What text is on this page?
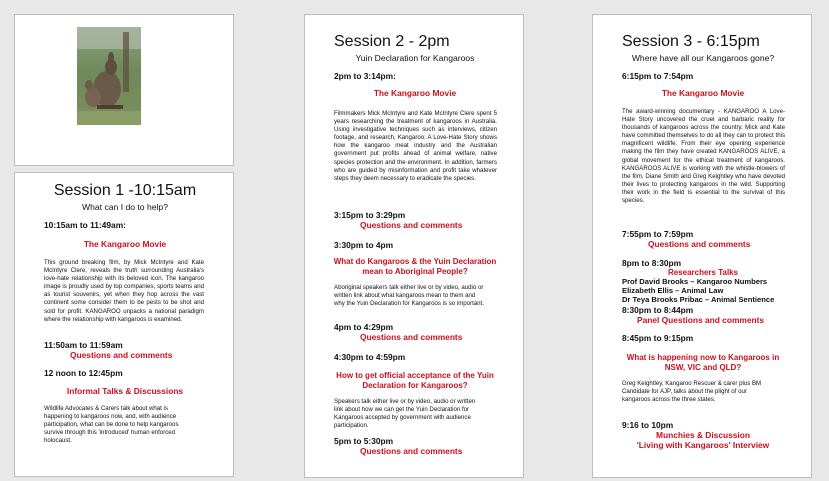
Session 1 -10:15am
What can I do to help?
10:15am to 11:49am:
The Kangaroo Movie
This ground breaking film, by Mick McIntyre and Kate McIntyre Clere, reveals the truth surrounding Australia's love-hate relationship with its beloved icon. The kangaroo image is proudly used by top companies, sports teams and as tourist souvenirs, yet when they hop across the vast continent some consider them to be pests to be shot and sold for profit. KANGAROO unpacks a national paradigm where the relationship with kangaroos is examined.
11:50am to 11:59am
Questions and comments
12 noon to 12:45pm
Informal Talks & Discussions
Wildlife Advocates & Carers talk about what is happening to kangaroos now, and, with audience participation, what can be done to help kangaroos survive through this 'introduced' human enforced holocaust.
Session 2 - 2pm
Yuin Declaration for Kangaroos
2pm to 3:14pm:
The Kangaroo Movie
Filmmakers Mick McIntyre and Kate McIntyre Clere spent 5 years researching the treatment of kangaroos in Australia. Using investigative techniques such as interviews, citizen footage, and research, Kangaroo: A Love-Hate Story shows how the kangaroo meat industry and the Australian government put profits ahead of animal welfare, native species protection and the environment. In addition, farmers who are guided by misinformation and profit take whatever steps they deem necessary to eradicate the species.
3:15pm to 3:29pm
Questions and comments
3:30pm to 4pm
What do Kangaroos & the Yuin Declaration mean to Aboriginal People?
Aboriginal speakers talk either live or by video, audio or written link about what kangaroos mean to them and why the Yuin Declaration for Kangaroos is so important.
4pm to 4:29pm
Questions and comments
4:30pm to 4:59pm
How to get official acceptance of the Yuin Declaration for Kangaroos?
Speakers talk either live or by video, audio or written link about how we can get the Yuin Declaration for Kangaroos accepted by government with audience participation.
5pm to 5:30pm
Questions and comments
Session 3 - 6:15pm
Where have all our Kangaroos gone?
6:15pm to 7:54pm
The Kangaroo Movie
The award-winning documentary - KANGAROO A Love-Hate Story uncovered the cruel and barbaric reality for thousands of kangaroos across the country. Mick and Kate have committed themselves to do all they can to protect this magnificent wildlife. From their eye opening experience making the film they have created KANGAROOS ALIVE, a global movement for the ethical treatment of kangaroos. KANGAROOS ALIVE is working with the whistle-blowers of the film, Diane Smith and Greg Keightley who have devoted their lives to protecting kangaroos in the wild. Supporting their work in the field is essential to the survival of this species.
7:55pm to 7:59pm
Questions and comments
8pm to 8:30pm
Researchers Talks
Prof David Brooks – Kangaroo Numbers
Elizabeth Ellis – Animal Law
Dr Teya Brooks Pribac – Animal Sentience
8:30pm to 8:44pm
Panel Questions and comments
8:45pm to 9:15pm
What is happening now to Kangaroos in NSW, VIC and QLD?
Greg Keightley, Kangaroo Rescuer & carer plus BM Candidate for AJP, talks about the plight of our kangaroos across the three states.
9:16 to 10pm
Munchies & Discussion
'Living with Kangaroos' Interview
